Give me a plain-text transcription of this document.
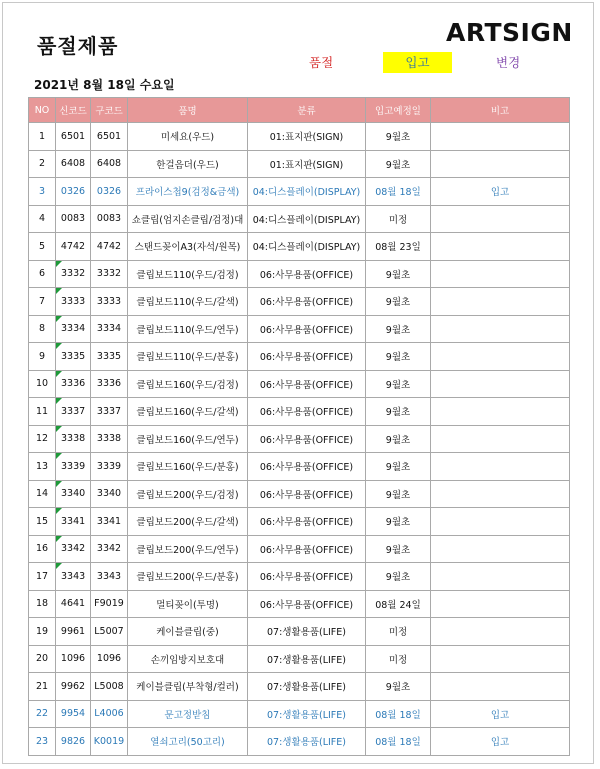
품절제품	ARTSIGN
품절	입고	변경
2021년 8월 18일 수요일
NO	신코드	구코드	품명	분류	입고예정일	비고
1	6501	6501	미세요(우드)	01:표지판(SIGN)	9월초	
2	6408	6408	한걸음더(우드)	01:표지판(SIGN)	9월초	
3	0326	0326	프라이스첩9(검정&금색)	04:디스플레이(DISPLAY)	08월 18일	입고
4	0083	0083	쇼클립(엄지손클립/검정)대	04:디스플레이(DISPLAY)	미정	
5	4742	4742	스탠드꽂이A3(자석/원목)	04:디스플레이(DISPLAY)	08월 23일	
6	3332	3332	클립보드110(우드/검정)	06:사무용품(OFFICE)	9월초	
7	3333	3333	클립보드110(우드/갈색)	06:사무용품(OFFICE)	9월초	
8	3334	3334	클립보드110(우드/연두)	06:사무용품(OFFICE)	9월초	
9	3335	3335	클립보드110(우드/분홍)	06:사무용품(OFFICE)	9월초	
10	3336	3336	클립보드160(우드/검정)	06:사무용품(OFFICE)	9월초	
11	3337	3337	클립보드160(우드/갈색)	06:사무용품(OFFICE)	9월초	
12	3338	3338	클립보드160(우드/연두)	06:사무용품(OFFICE)	9월초	
13	3339	3339	클립보드160(우드/분홍)	06:사무용품(OFFICE)	9월초	
14	3340	3340	클립보드200(우드/검정)	06:사무용품(OFFICE)	9월초	
15	3341	3341	클립보드200(우드/갈색)	06:사무용품(OFFICE)	9월초	
16	3342	3342	클립보드200(우드/연두)	06:사무용품(OFFICE)	9월초	
17	3343	3343	클립보드200(우드/분홍)	06:사무용품(OFFICE)	9월초	
18	4641	F9019	멀티꽂이(투명)	06:사무용품(OFFICE)	08월 24일	
19	9961	L5007	케이블클립(중)	07:생활용품(LIFE)	미정	
20	1096	1096	손끼임방지보호대	07:생활용품(LIFE)	미정	
21	9962	L5008	케이블클립(부착형/컬러)	07:생활용품(LIFE)	9월초	
22	9954	L4006	문고정받침	07:생활용품(LIFE)	08월 18일	입고
23	9826	K0019	열쇠고리(50고리)	07:생활용품(LIFE)	08월 18일	입고
